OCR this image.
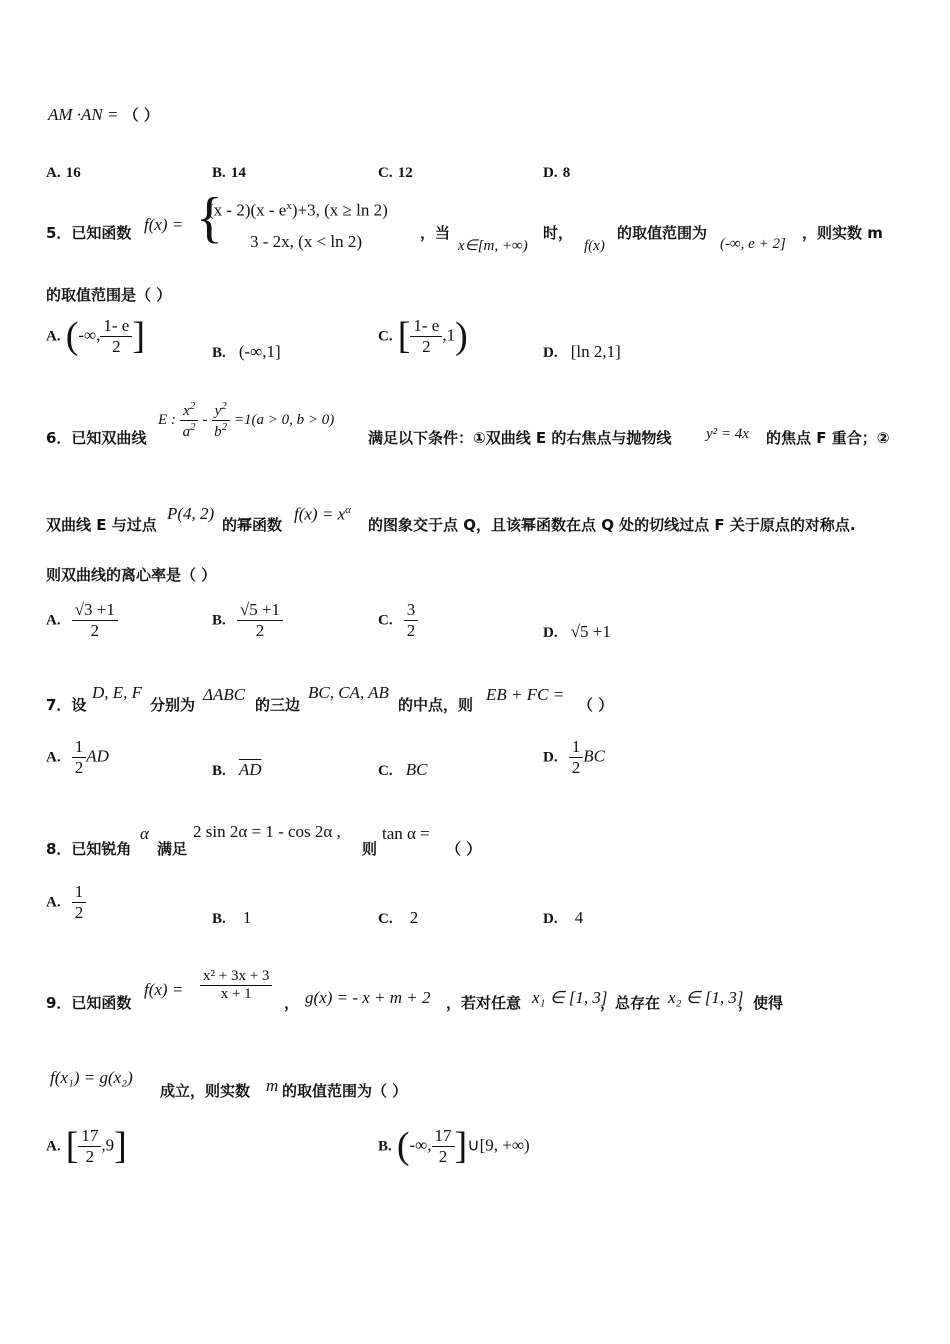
AM ·AN = （ ）
A. 16	B. 14	C. 12	D. 8
5．已知函数 f(x) = {
$(x - 2)(x - e^x)+3$, (x ≥ ln 2)
3 - 2x, (x < ln 2)	，当
x∈[m, +∞)
时，
f(x)
的取值范围为
(-∞, e + 2]
，则实数 m
的取值范围是（ ）
A. (-∞, $\frac{1- e}{2}$ ]	B. (-∞,1]
C. [ $\frac{1- e}{2} ,1$)	D. [ln 2,1]
6．已知双曲线
E : $\frac{x^2}{a^2} - \frac{y^2}{b^2} =1(a > 0$, b > 0)
满足以下条件：①双曲线 E 的右焦点与抛物线 y² = 4x 的焦点 F 重合；②
双曲线 E 与过点
P(4, 2)
的幂函数
$f(x) = x^\alpha$
的图象交于点 Q，且该幂函数在点 Q 处的切线过点 F 关于原点的对称点.
则双曲线的离心率是（ ）
A. $\frac{√3 +1}{2}$	B. $\frac{√5 +1}{2}$	C. $\frac{3}{2}$	D. √5 +1
7．设
D, E, F
分别为
ΔABC
的三边
BC, CA, AB
的中点，则
EB + FC =
（ ）
A. $\frac{1}{2}$ AD
B. $\overline{AD}$	C. BC
D. $\frac{1}{2}$ BC
8．已知锐角
α
满足
2 sin 2α = 1 - cos 2α ,
则
tan α =
（ ）
A. $\frac{1}{2}$	B. 1	C. 2	D. 4
9．已知函数
$f(x) = \frac{\text{x² + 3x + 3}}{x + 1}$ ， g(x) = - x + m + 2 ，若对任意 x₁ ∈ [1, 3]
，总存在 x₂ ∈ [1, 3]
，使得
f(x₁) = g(x₂)
成立，则实数 m 的取值范围为（ ）
A. [ $\frac{17}{2} ,9$]	B. (-∞, $\frac{17}{2}$ ]∪[9, +∞)
